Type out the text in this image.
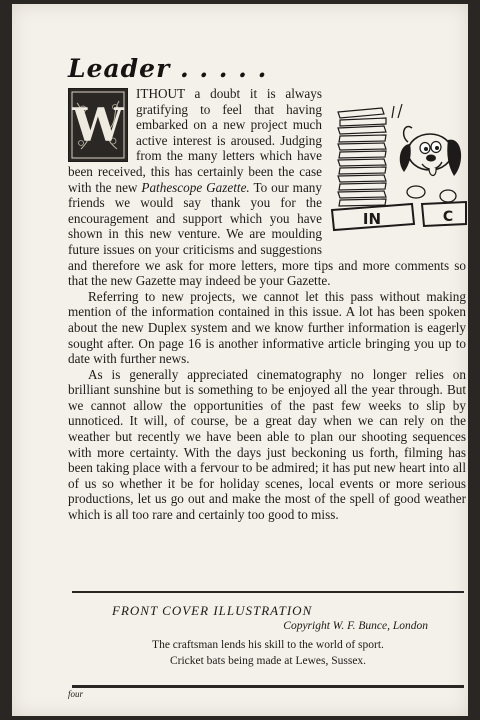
Leader . . . . .
W
IN	C

ITHOUT a doubt it is always gratifying to feel that having embarked on a new project much active interest is aroused. Judging from the many letters which have been received, this has certainly been the case with the new Pathescope Gazette. To our many friends we would say thank you for the encouragement and support which you have shown in this new venture. We are moulding future issues on your criticisms and suggestions and therefore we ask for more letters, more tips and more comments so that the new Gazette may indeed be your Gazette.

Referring to new projects, we cannot let this pass without making mention of the information contained in this issue. A lot has been spoken about the new Duplex system and we know further information is eagerly sought after. On page 16 is another informative article bringing you up to date with further news.

As is generally appreciated cinematography no longer relies on brilliant sunshine but is something to be enjoyed all the year through. But we cannot allow the opportunities of the past few weeks to slip by unnoticed. It will, of course, be a great day when we can rely on the weather but recently we have been able to plan our shooting sequences with more certainty. With the days just beckoning us forth, filming has been taking place with a fervour to be admired; it has put new heart into all of us so whether it be for holiday scenes, local events or more serious productions, let us go out and make the most of the spell of good weather which is all too rare and certainly too good to miss.

FRONT COVER ILLUSTRATION

Copyright W. F. Bunce, London
The craftsman lends his skill to the world of sport.
Cricket bats being made at Lewes, Sussex.
four
